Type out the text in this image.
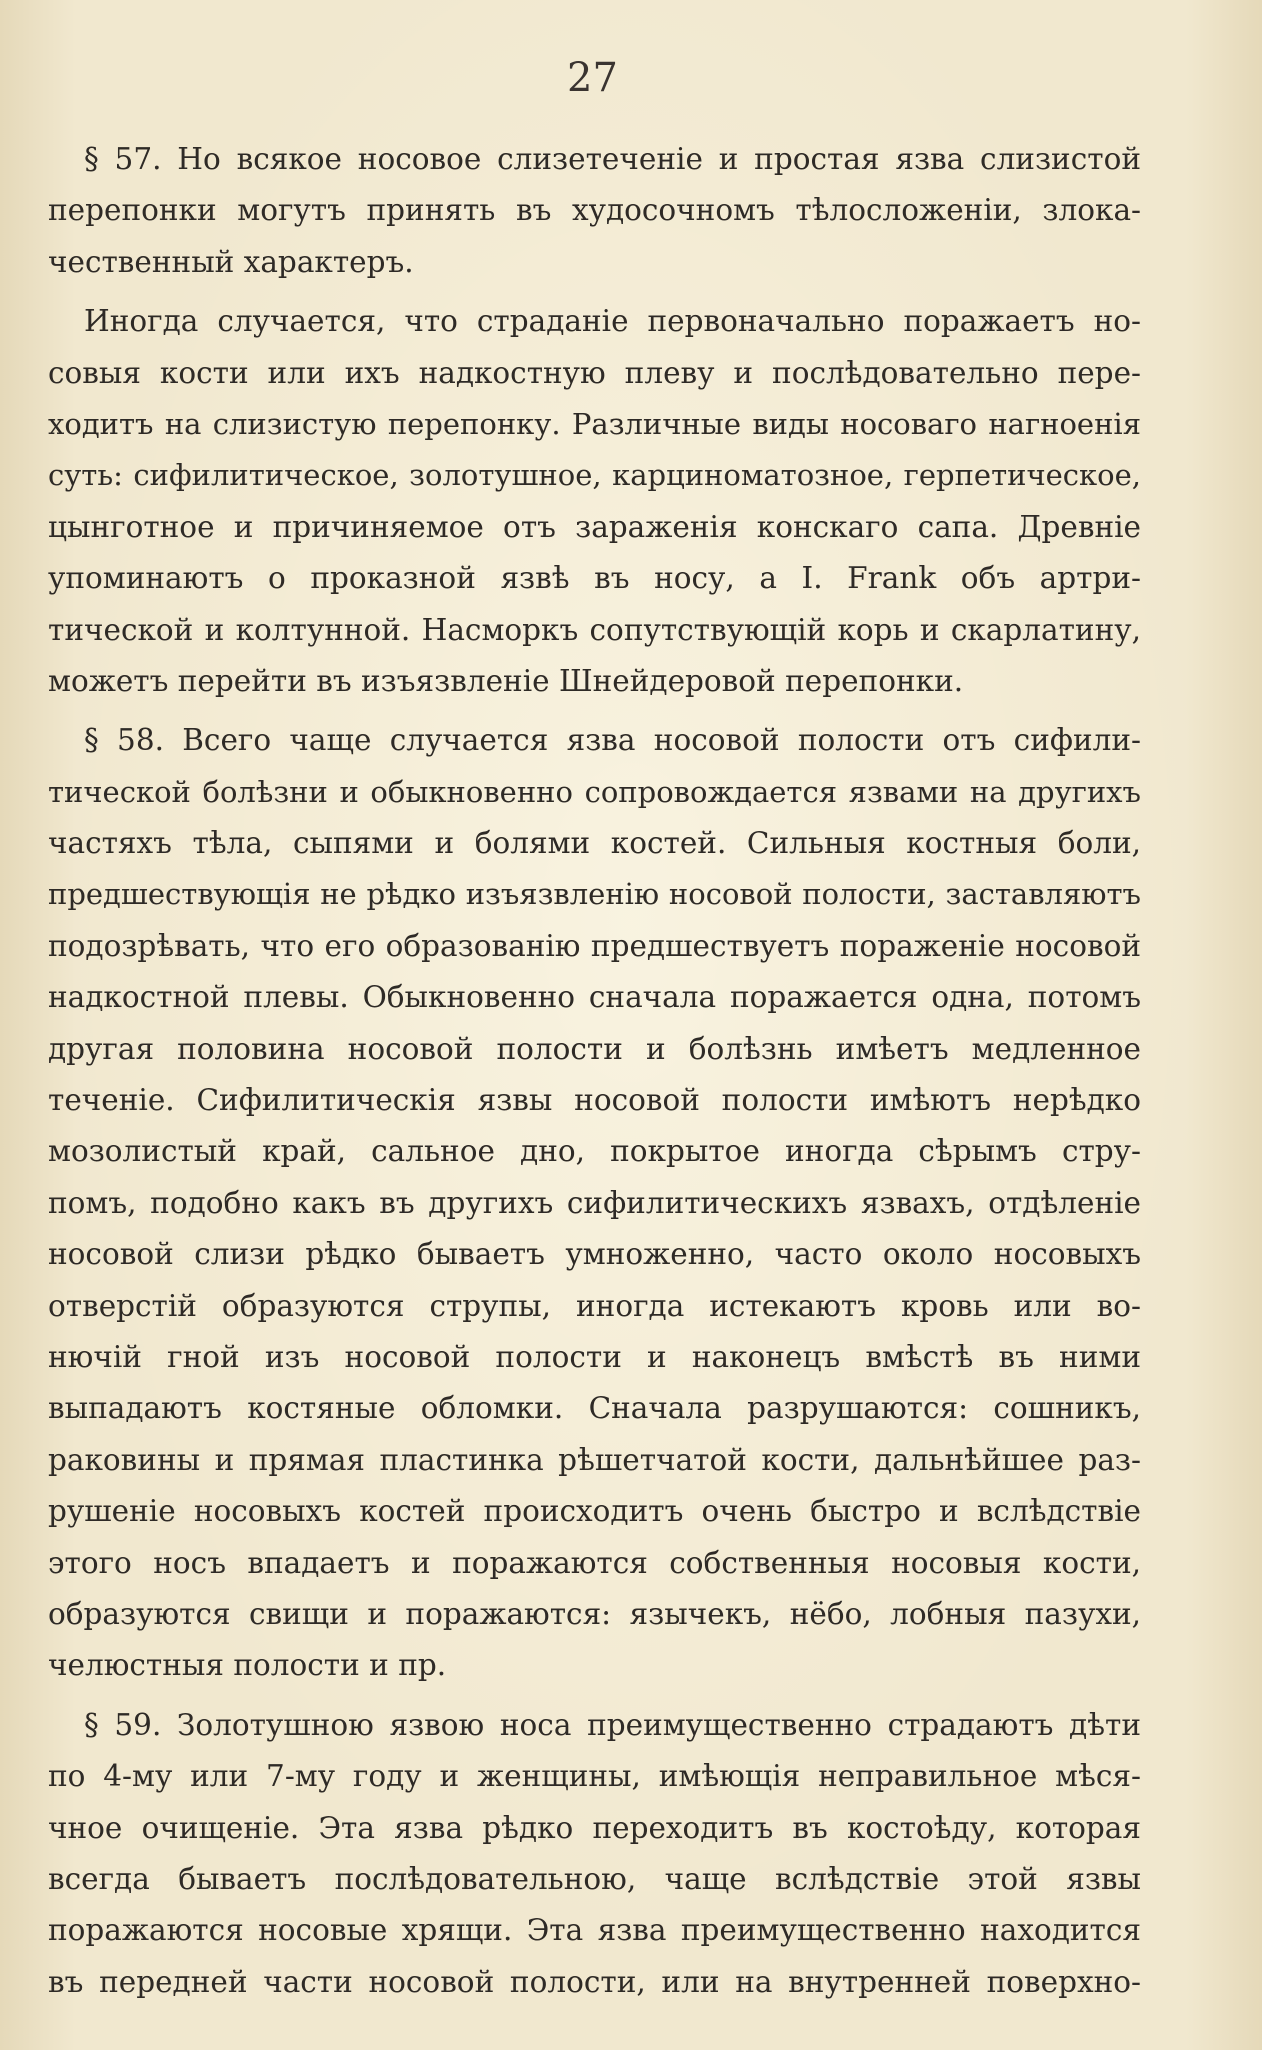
27
§ 57. Но всякое носовое слизетеченіе и простая язва слизистой
перепонки могутъ принять въ худосочномъ тѣлосложеніи, злока-
чественный характеръ.
Иногда случается, что страданіе первоначально поражаетъ но-
совыя кости или ихъ надкостную плеву и послѣдовательно пере-
ходитъ на слизистую перепонку. Различные виды носоваго нагноенія
суть: сифилитическое, золотушное, карциноматозное, герпетическое,
цынготное и причиняемое отъ зараженія конскаго сапа. Древніе
упоминаютъ о проказной язвѣ въ носу, а I. Frank объ артри-
тической и колтунной. Насморкъ сопутствующій корь и скарлатину,
можетъ перейти въ изъязвленіе Шнейдеровой перепонки.
§ 58. Всего чаще случается язва носовой полости отъ сифили-
тической болѣзни и обыкновенно сопровождается язвами на другихъ
частяхъ тѣла, сыпями и болями костей. Сильныя костныя боли,
предшествующія не рѣдко изъязвленію носовой полости, заставляютъ
подозрѣвать, что его образованію предшествуетъ пораженіе носовой
надкостной плевы. Обыкновенно сначала поражается одна, потомъ
другая половина носовой полости и болѣзнь имѣетъ медленное
теченіе. Сифилитическія язвы носовой полости имѣютъ нерѣдко
мозолистый край, сальное дно, покрытое иногда сѣрымъ стру-
помъ, подобно какъ въ другихъ сифилитическихъ язвахъ, отдѣленіе
носовой слизи рѣдко бываетъ умноженно, часто около носовыхъ
отверстій образуются струпы, иногда истекаютъ кровь или во-
нючій гной изъ носовой полости и наконецъ вмѣстѣ въ ними
выпадаютъ костяные обломки. Сначала разрушаются: сошникъ,
раковины и прямая пластинка рѣшетчатой кости, дальнѣйшее раз-
рушеніе носовыхъ костей происходитъ очень быстро и вслѣдствіе
этого носъ впадаетъ и поражаются собственныя носовыя кости,
образуются свищи и поражаются: язычекъ, нёбо, лобныя пазухи,
челюстныя полости и пр.
§ 59. Золотушною язвою носа преимущественно страдаютъ дѣти
по 4-му или 7-му году и женщины, имѣющія неправильное мѣся-
чное очищеніе. Эта язва рѣдко переходитъ въ костоѣду, которая
всегда бываетъ послѣдовательною, чаще вслѣдствіе этой язвы
поражаются носовые хрящи. Эта язва преимущественно находится
въ передней части носовой полости, или на внутренней поверхно-
